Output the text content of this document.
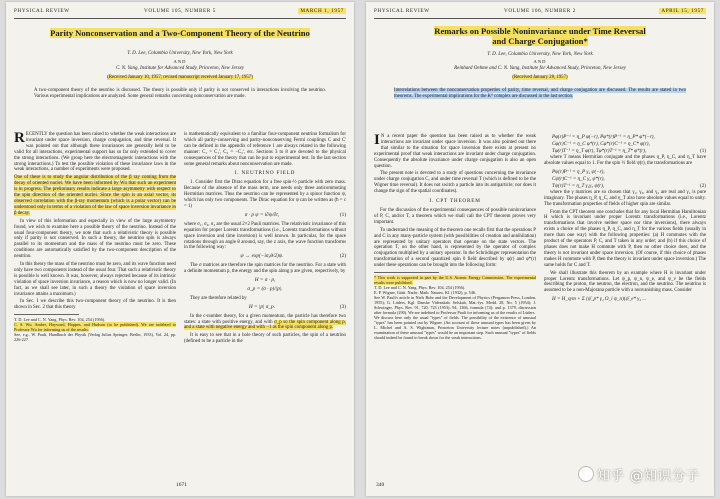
PHYSICAL REVIEW	VOLUME 105, NUMBER 5	MARCH 1, 1957
Parity Nonconservation and a Two-Component Theory of the Neutrino
T. D. Lee, Columbia University, New York, New York
AND
C. N. Yang, Institute for Advanced Study, Princeton, New Jersey
(Received January 10, 1957; revised manuscript received January 17, 1957)
A two-component theory of the neutrino is discussed. The theory is possible only if parity is not conserved in interactions involving the neutrino. Various experimental implications are analyzed. Some general remarks concerning nonconservation are made.

RECENTLY the question has been raised to whether the weak interactions are invariant under space inversion, charge conjugation, and time reversal. It was pointed out that although these invariances are generally held to be valid for all interactions, experimental support has so far only extended to cover the strong interactions. (We group here the electromagnetic interactions with the strong interactions.) To test the possible violation of these invariance laws in the weak interactions, a number of experiments were proposed.

One of these is to study the angular distribution of the β ray coming from the decay of oriented nuclei. We have been informed by Wu that such an experiment is in progress. The preliminary results indicate a large asymmetry with respect to the spin direction of the oriented nuclei. Since the spin is an axial vector, its observed correlation with the β-ray momentum (which is a polar vector) can be understood only in terms of a violation of the law of space inversion invariance in β decay.

In view of this information and especially in view of the large asymmetry found, we wish to examine here a possible theory of the neutrino. Instead of the usual four-component theory, we note that such a relativistic theory is possible only if parity is not conserved. In such a theory, the neutrino spin is always parallel to its momentum and the mass of the neutrino must be zero. These conditions are automatically satisfied by the two-component description of the neutrino.

In this theory the mass of the neutrino must be zero, and its wave function need only have two components instead of the usual four. That such a relativistic theory is possible is well known. It was, however, always rejected because of its intrinsic violation of space inversion invariance, a reason which is now no longer valid. (In fact, as we shall see later, in such a theory the violation of space inversion invariance attains a maximum.)

In Sec. I we describe this two-component theory of the neutrino. It is then shown in Sec. 2 that this theory

T. D. Lee and C. N. Yang, Phys. Rev. 104, 254 (1956).
C. S. Wu, Amber, Hayward, Hoppes, and Hudson (to be published). We are indebted to Professor Wu for informing us of the results.
See, e.g., W. Pauli, Handbuch der Physik (Verlag Julius Springer, Berlin, 1933), Vol. 24, pp. 226-227.

is mathematically equivalent to a familiar four-component neutrino formalism for which all parity-conserving and parity-nonconserving Fermi couplings C and C' can be defined in the appendix of reference 1 are always related in the following manner: C₁ = C₁', C₂ = −C₂', etc. Sections 3 to 8 are devoted to the physical consequences of the theory that can be put to experimental test. In the last section some general remarks about nonconservation are made.

I. NEUTRINO FIELD

1. Consider first the Dirac equation for a free spin-½ particle with zero mass. Because of the absence of the mass term, one needs only three anticommuting Hermitian matrices. Thus the neutrino can be represented by a spinor function ψ, which has only two components. The Dirac equation for ψ can be written as (ħ = c = 1)

σ · p ψ = i∂ψ/∂t,	(1)

where σ₁, σ₂, σ₃ are the usual 2×2 Pauli matrices. The relativistic invariance of this equation for proper Lorentz transformations (i.e., Lorentz transformations without space inversion and time inversion) is well known. In particular, for the space rotations through an angle θ around, say, the z axis, the wave function transforms in the following way:

ψ → exp(−iσ₃θ/2)ψ.	(2)

The σ matrices are therefore the spin matrices for the neutrino. For a state with a definite momentum p, the energy and the spin along p are given, respectively, by

H = σ · p,
σ_p = (σ · p)/|p|.

They are therefore related by

H = |p| σ_p.	(3)

In the c-number theory, for a given momentum, the particle has therefore two states: a state with positive energy, and with σ_p so the spin component along p, and a state with negative energy and with −1 as the spin component along p.

It is easy to see that in a hole theory of such particles, the spin of a neutrino (defined to be a particle in the

1671
PHYSICAL REVIEW	VOLUME 106, NUMBER 2	APRIL 15, 1957
Remarks on Possible Noninvariance under Time Reversal
and Charge Conjugation*
T. D. Lee, Columbia University, New York, New York
AND
Reinhard Oehme and C. N. Yang, Institute for Advanced Study, Princeton, New Jersey
(Received January 28, 1957)
Interrelations between the nonconservation properties of parity, time reversal, and charge conjugation are discussed. The results are stated in two theorems. The experimental implications for the K⁰ complex are discussed in the last section.

I N a recent paper the question has been raised as to whether the weak interactions are invariant under space inversion. It was also pointed out there that similar to the situation for space inversion there exists at present no experimental proof that weak interactions are invariant under charge conjugation. Consequently the absolute invariance under charge conjugation is also an open question.

The present note is devoted to a study of questions concerning the invariance under charge conjugation C, and under time reversal T (which is defined to be the Wigner time reversal). It does not switch a particle into its antiparticle; nor does it change the sign of the spatial coordinates).

I. CPT THEOREM

For the discussion of the experimental consequences of possible noninvariance of P, C, and/or T, a theorem which we shall call the CPT theorem proves very important.

To understand the meaning of the theorem one recalls first that the operations P and C in any many-particle system (with possibilities of creation and annihilation) are represented by unitary operators that operate on the state vectors. The operation T, on the other hand, is represented by the operator of complex conjugation multiplied by a unitary operator. In the Schrödinger representation the transformation of a second quantized spin 0 field described by φ(r) and φ*(r) under these operations can be brought into the following form:

* This work is supported in part by the U.S. Atomic Energy Commission. The experimental results were published.
T. D. Lee and C. N. Yang, Phys. Rev. 104, 254 (1956).
E. P. Wigner, Götti. Nachr. Math. Naturw. Kl. (1932), p. 546.
See W. Pauli's article in Niels Bohr and the Development of Physics (Pergamon Press, London, 1955); G. Lüders, Kgl. Danske Videnskab. Selskab, Mat.-fys. Medd. 28, No. 5 (1954); J. Schwinger, Phys. Rev. 91, 720, 723 (1953); 94, 1366, formula (74); and p. 1379, discussion after formula (290). We are indebted to Professor Pauli for informing us of the results of Lüders.
We discuss here only the usual "types" of fields. The possibility of the existence of unusual "types" has been pointed out by Wigner. (An account of these unusual types has been given by L. Michel and A. S. Wightman, Princeton University lecture notes (unpublished).) An examination of these unusual "types" would be an important step. Such unusual "types" of fields should indeed be found to break down for the weak interactions.
Pφ(r)P⁻¹ = η_P φ(−r), Pφ*(r)P⁻¹ = η_P* φ*(−r),
Cφ(r)C⁻¹ = η_C φ*(r), Cφ*(r)C⁻¹ = η_C* φ(r),
Tφ(r)T⁻¹ = η_T φ(r), Tφ*(r)T⁻¹ = η_T* φ*(r),	(1)

where T means Hermitian conjugate and the phases η_P, η_C, and η_T have absolute values equal to 1. For the spin ½ field ψ(r), the transformations are

Pψ(r)P⁻¹ = η_P γ₄ ψ(−r),
Cψ(r)C⁻¹ = η_C γ₂ ψ*(r),
Tψ(r)T⁻¹ = η_T γ₁γ₃ ψ(r),	(2)

where the γ matrices are so chosen that γ₁, γ₃, and γ₄ are real and γ₂ is pure imaginary. The phases η_P, η_C, and η_T also have absolute values equal to unity. The transformation properties of fields of higher spin are similar.

From the CPT theorem one concludes that for any local Hermitian Hamiltonian H which is invariant under proper Lorentz transformations (i.e., Lorentz transformations that involve neither space nor time inversions), there always exists a choice of the phases η_P, η_C, and η_T for the various fields (usually in more than one way) with the following properties: (a) H commutes with the product of the operators P, C, and T taken in any order; and (b) if this choice of phases does not make H commute with P, then no other choice does, and the theory is not invariant under space inversion. (Of course, if this choice of phases makes H commute with P, then the theory is invariant under space inversion.) The same holds for C and T.

We shall illustrate this theorem by an example where H is invariant under proper Lorentz transformations. Let ψ_p, ψ_n, ψ_e, and ψ_ν be the fields describing the proton, the neutron, the electron, and the neutrino. The neutrino is assumed to be a non-Majorana particle with a nonvanishing mass. Consider

H = H_sym + Σ (ψ̄_p* γ₄ O_i ψ_n)(ψ̄_e* γ₄ ...
340
知乎 @知识分子
